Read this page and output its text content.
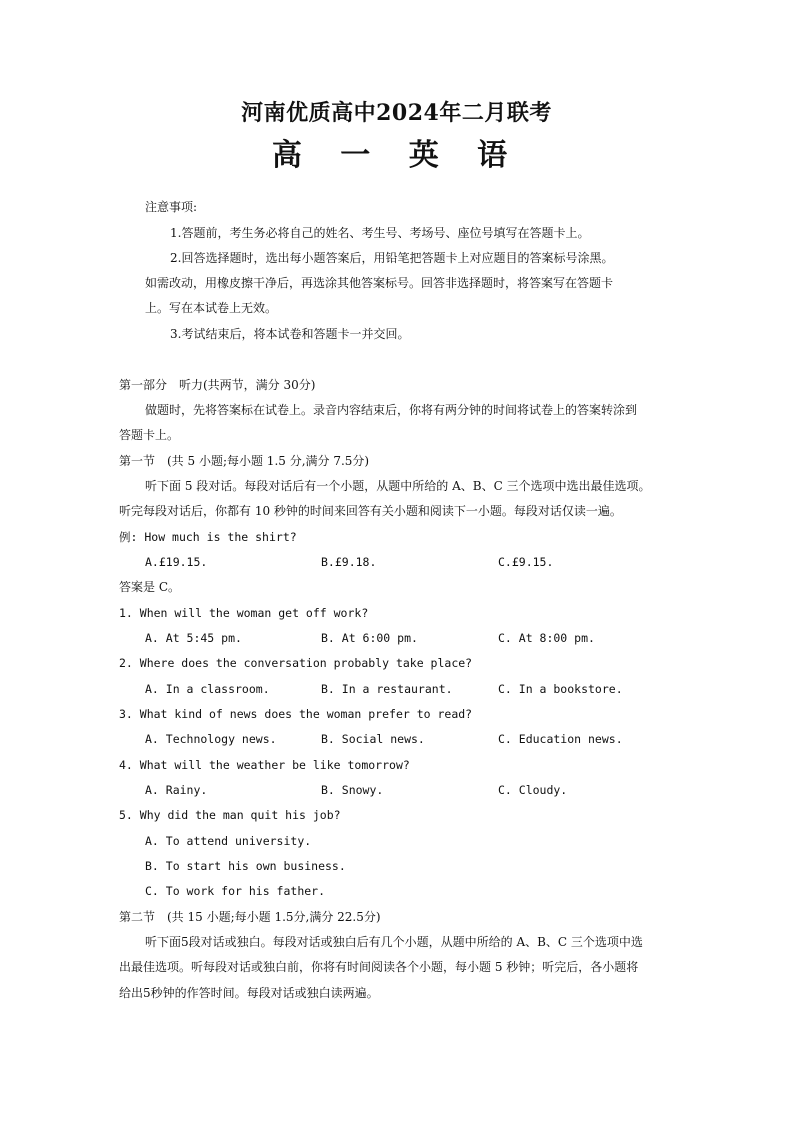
河南优质高中2024年二月联考
高 一 英 语
注意事项:
1.答题前，考生务必将自己的姓名、考生号、考场号、座位号填写在答题卡上。
2.回答选择题时，选出每小题答案后，用铅笔把答题卡上对应题目的答案标号涂黑。
如需改动，用橡皮擦干净后，再选涂其他答案标号。回答非选择题时，将答案写在答题卡
上。写在本试卷上无效。
3.考试结束后，将本试卷和答题卡一并交回。
第一部分　听力(共两节，满分 30分)
做题时，先将答案标在试卷上。录音内容结束后，你将有两分钟的时间将试卷上的答案转涂到
答题卡上。
第一节　(共 5 小题;每小题 1.5 分,满分 7.5分)
听下面 5 段对话。每段对话后有一个小题，从题中所给的 A、B、C 三个选项中选出最佳选项。
听完每段对话后，你都有 10 秒钟的时间来回答有关小题和阅读下一小题。每段对话仅读一遍。
例: How much is the shirt?
A.£19.15.	B.£9.18.	C.£9.15.
答案是 C。
1. When will the woman get off work?
A. At 5:45 pm.	B. At 6:00 pm.	C. At 8:00 pm.
2. Where does the conversation probably take place?
A. In a classroom.	B. In a restaurant.	C. In a bookstore.
3. What kind of news does the woman prefer to read?
A. Technology news.	B. Social news.	C. Education news.
4. What will the weather be like tomorrow?
A. Rainy.	B. Snowy.	C. Cloudy.
5. Why did the man quit his job?
A. To attend university.
B. To start his own business.
C. To work for his father.
第二节　(共 15 小题;每小题 1.5分,满分 22.5分)
听下面5段对话或独白。每段对话或独白后有几个小题，从题中所给的 A、B、C 三个选项中选
出最佳选项。听每段对话或独白前，你将有时间阅读各个小题，每小题 5 秒钟；听完后，各小题将
给出5秒钟的作答时间。每段对话或独白读两遍。
